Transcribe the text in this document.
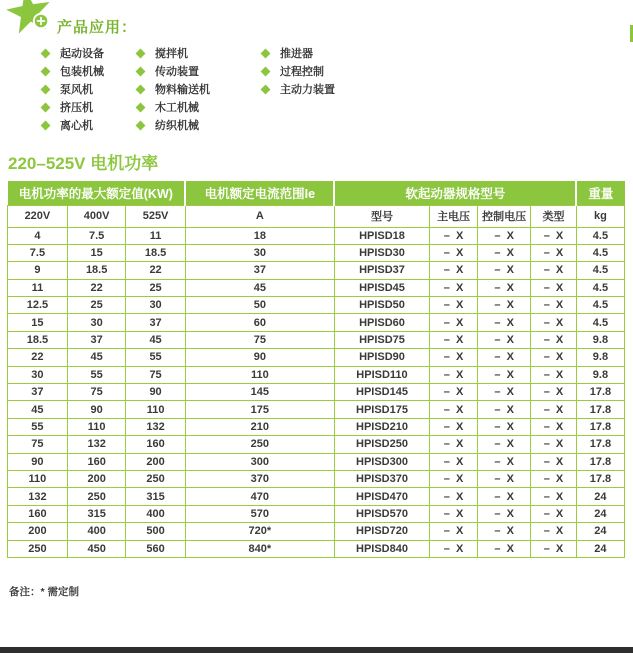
产品应用：
起动设备
包装机械
泵风机
挤压机
离心机
搅拌机
传动装置
物料输送机
木工机械
纺织机械
推进器
过程控制
主动力装置
220–525V 电机功率
电机功率的最大额定值(KW)			电机额定电流范围Ie	软起动器规格型号				重量
220V	400V	525V	A	型号	主电压	控制电压	类型	kg
4	7.5	11	18	HPISD18	–  X	–  X	–  X	4.5
7.5	15	18.5	30	HPISD30	–  X	–  X	–  X	4.5
9	18.5	22	37	HPISD37	–  X	–  X	–  X	4.5
11	22	25	45	HPISD45	–  X	–  X	–  X	4.5
12.5	25	30	50	HPISD50	–  X	–  X	–  X	4.5
15	30	37	60	HPISD60	–  X	–  X	–  X	4.5
18.5	37	45	75	HPISD75	–  X	–  X	–  X	9.8
22	45	55	90	HPISD90	–  X	–  X	–  X	9.8
30	55	75	110	HPISD110	–  X	–  X	–  X	9.8
37	75	90	145	HPISD145	–  X	–  X	–  X	17.8
45	90	110	175	HPISD175	–  X	–  X	–  X	17.8
55	110	132	210	HPISD210	–  X	–  X	–  X	17.8
75	132	160	250	HPISD250	–  X	–  X	–  X	17.8
90	160	200	300	HPISD300	–  X	–  X	–  X	17.8
110	200	250	370	HPISD370	–  X	–  X	–  X	17.8
132	250	315	470	HPISD470	–  X	–  X	–  X	24
160	315	400	570	HPISD570	–  X	–  X	–  X	24
200	400	500	720*	HPISD720	–  X	–  X	–  X	24
250	450	560	840*	HPISD840	–  X	–  X	–  X	24
备注：* 需定制
